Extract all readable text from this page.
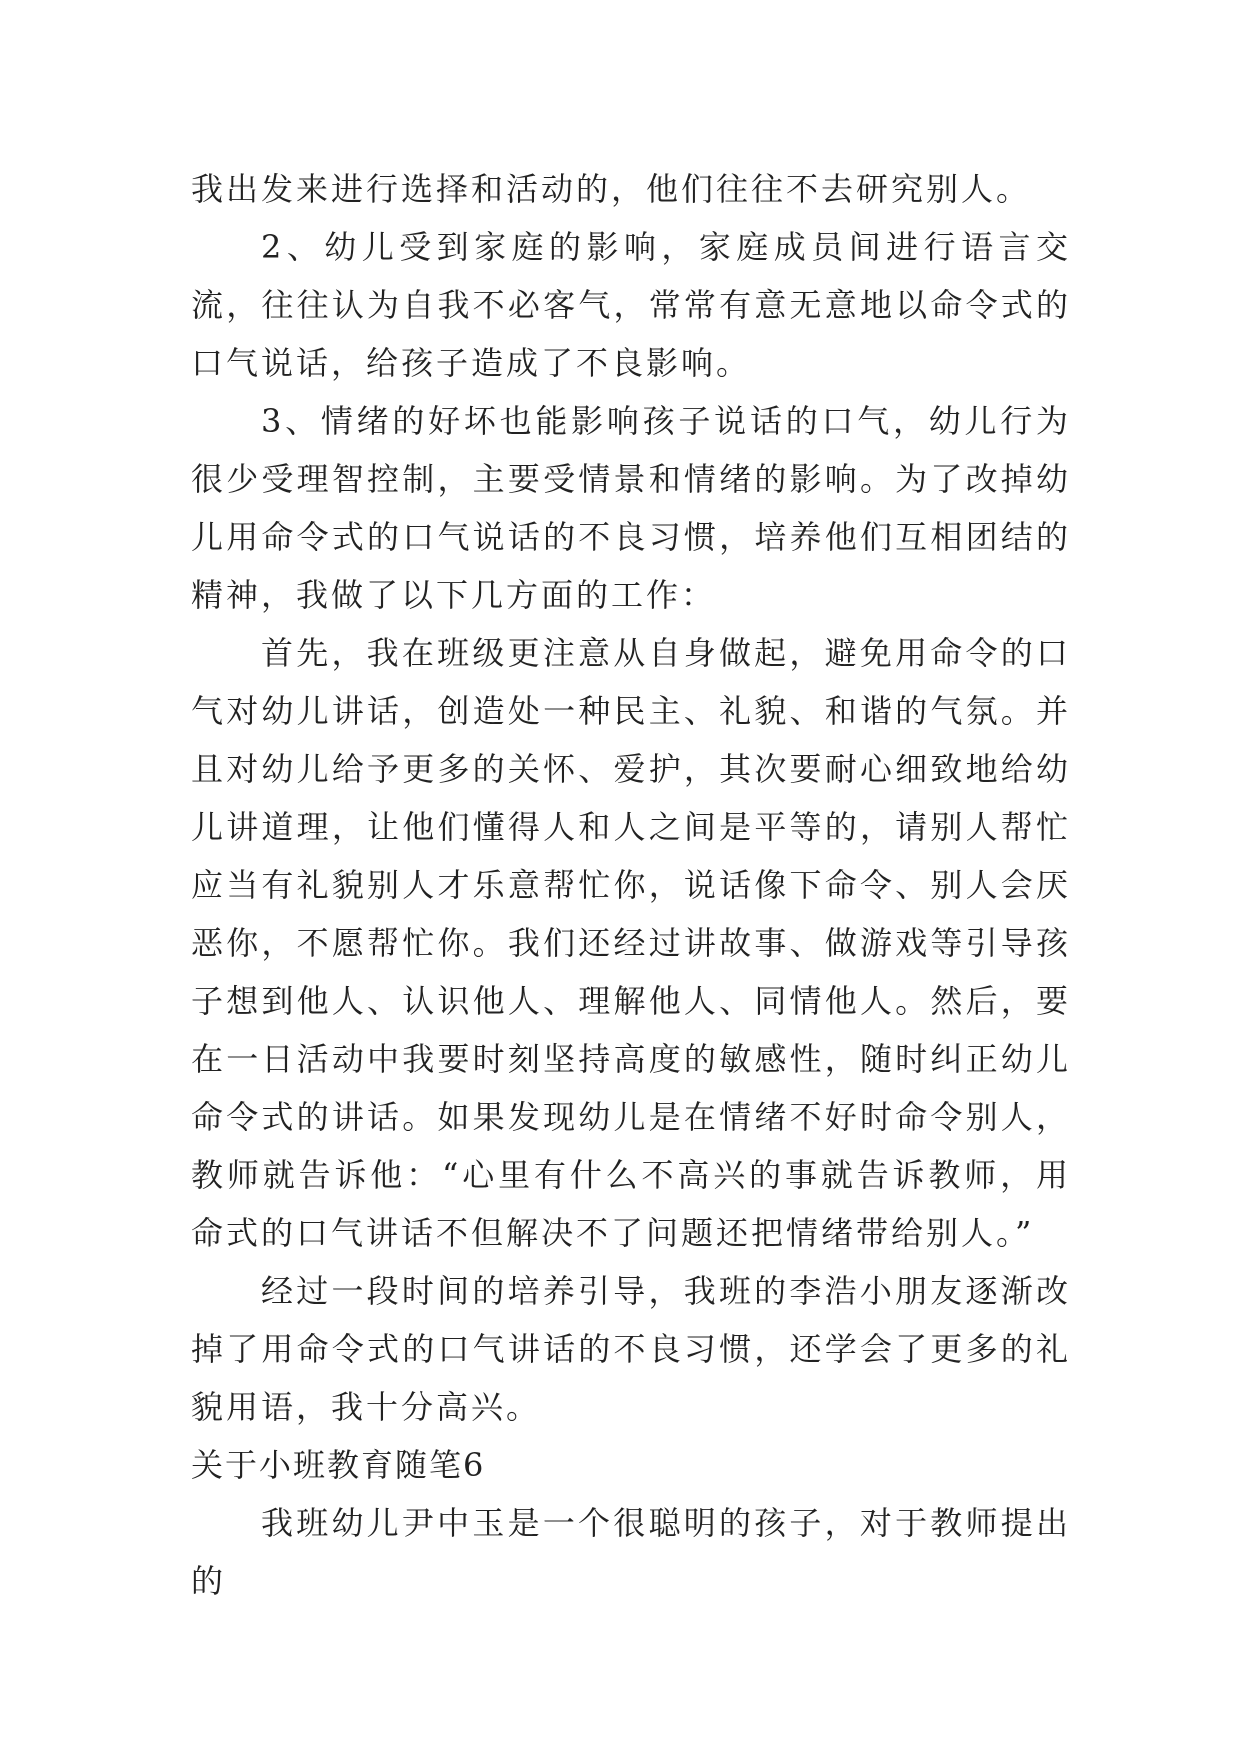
我出发来进行选择和活动的，他们往往不去研究别人。

2、幼儿受到家庭的影响，家庭成员间进行语言交流，往往认为自我不必客气，常常有意无意地以命令式的口气说话，给孩子造成了不良影响。

3、情绪的好坏也能影响孩子说话的口气，幼儿行为很少受理智控制，主要受情景和情绪的影响。为了改掉幼儿用命令式的口气说话的不良习惯，培养他们互相团结的精神，我做了以下几方面的工作：

首先，我在班级更注意从自身做起，避免用命令的口气对幼儿讲话，创造处一种民主、礼貌、和谐的气氛。并且对幼儿给予更多的关怀、爱护，其次要耐心细致地给幼儿讲道理，让他们懂得人和人之间是平等的，请别人帮忙应当有礼貌别人才乐意帮忙你，说话像下命令、别人会厌恶你，不愿帮忙你。我们还经过讲故事、做游戏等引导孩子想到他人、认识他人、理解他人、同情他人。然后，要在一日活动中我要时刻坚持高度的敏感性，随时纠正幼儿命令式的讲话。如果发现幼儿是在情绪不好时命令别人，教师就告诉他：“心里有什么不高兴的事就告诉教师，用命式的口气讲话不但解决不了问题还把情绪带给别人。”

经过一段时间的培养引导，我班的李浩小朋友逐渐改掉了用命令式的口气讲话的不良习惯，还学会了更多的礼貌用语，我十分高兴。

关于小班教育随笔6

我班幼儿尹中玉是一个很聪明的孩子，对于教师提出的
